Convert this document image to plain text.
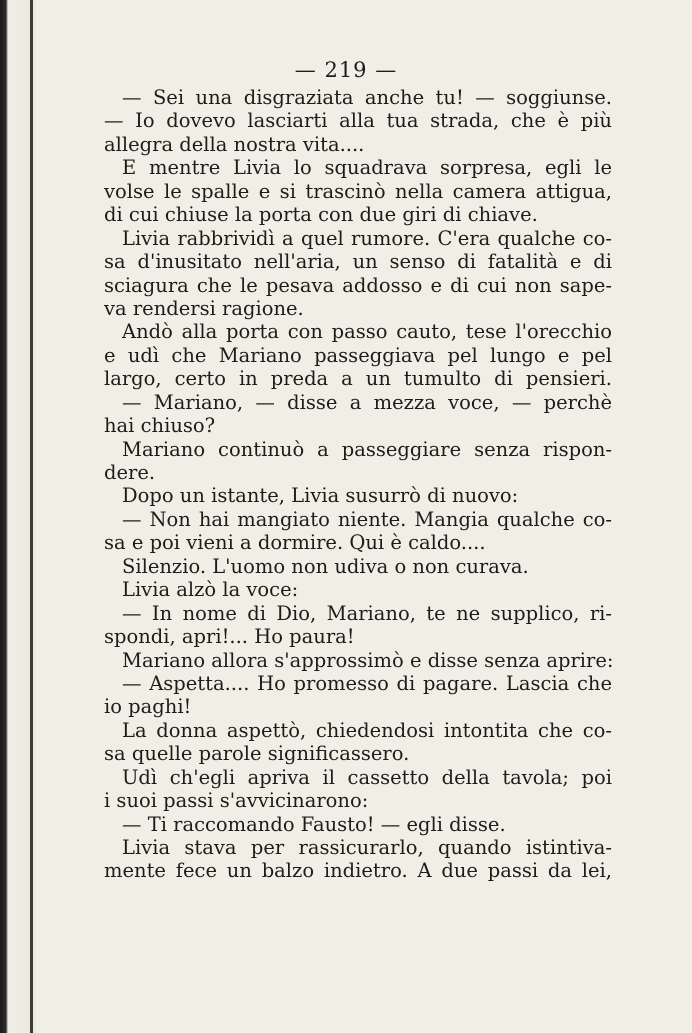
— 219 —
— Sei una disgraziata anche tu! — soggiunse.
— Io dovevo lasciarti alla tua strada, che è più
allegra della nostra vita....
E mentre Livia lo squadrava sorpresa, egli le
volse le spalle e si trascinò nella camera attigua,
di cui chiuse la porta con due giri di chiave.
Livia rabbrividì a quel rumore. C'era qualche co-
sa d'inusitato nell'aria, un senso di fatalità e di
sciagura che le pesava addosso e di cui non sape-
va rendersi ragione.
Andò alla porta con passo cauto, tese l'orecchio
e udì che Mariano passeggiava pel lungo e pel
largo, certo in preda a un tumulto di pensieri.
— Mariano, — disse a mezza voce, — perchè
hai chiuso?
Mariano continuò a passeggiare senza rispon-
dere.
Dopo un istante, Livia susurrò di nuovo:
— Non hai mangiato niente. Mangia qualche co-
sa e poi vieni a dormire. Qui è caldo....
Silenzio. L'uomo non udiva o non curava.
Livia alzò la voce:
— In nome di Dio, Mariano, te ne supplico, ri-
spondi, apri!... Ho paura!
Mariano allora s'approssimò e disse senza aprire:
— Aspetta.... Ho promesso di pagare. Lascia che
io paghi!
La donna aspettò, chiedendosi intontita che co-
sa quelle parole significassero.
Udì ch'egli apriva il cassetto della tavola; poi
i suoi passi s'avvicinarono:
— Ti raccomando Fausto! — egli disse.
Livia stava per rassicurarlo, quando istintiva-
mente fece un balzo indietro. A due passi da lei,
